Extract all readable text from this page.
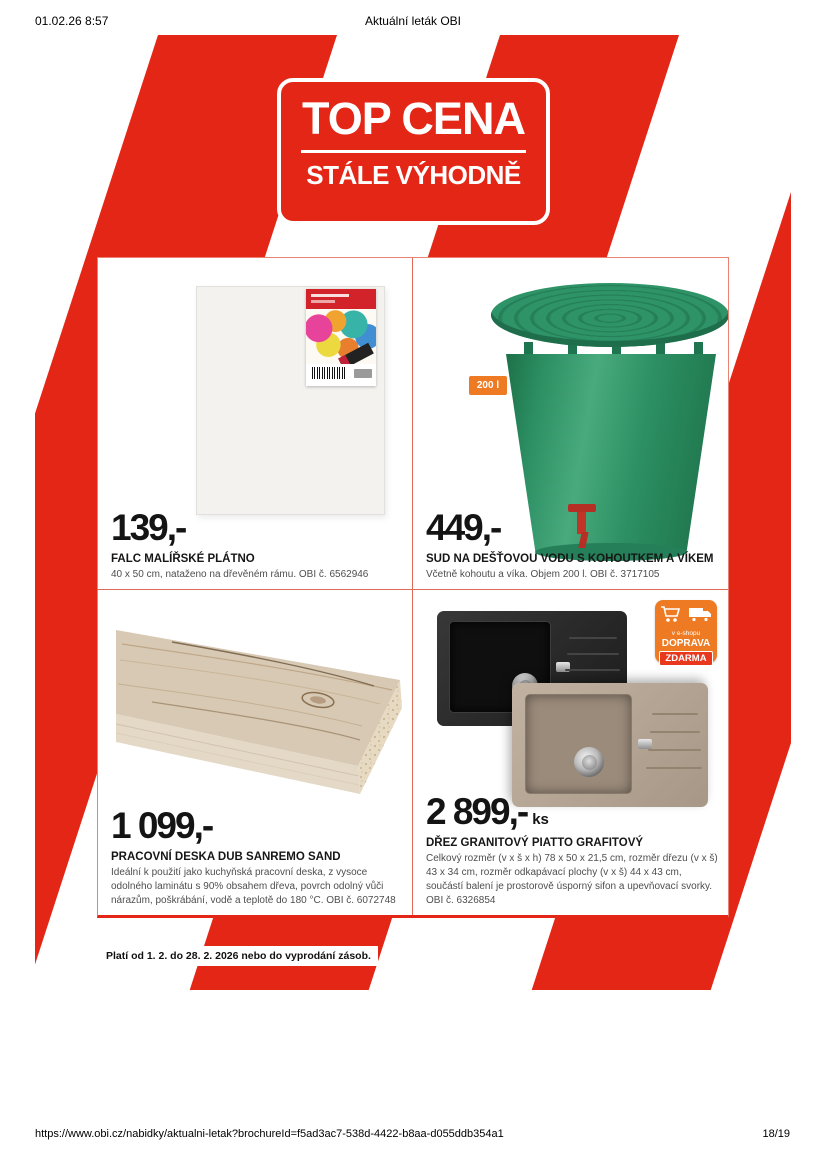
01.02.26 8:57	Aktuální leták OBI
TOP CENA
STÁLE VÝHODNĚ
139,-
FALC MALÍŘSKÉ PLÁTNO
40 x 50 cm, nataženo na dřevěném rámu. OBI č. 6562946
200 l
449,-
SUD NA DEŠŤOVOU VODU S KOHOUTKEM A VÍKEM
Včetně kohoutu a víka. Objem 200 l. OBI č. 3717105
1 099,-
PRACOVNÍ DESKA DUB SANREMO SAND
Ideální k použití jako kuchyňská pracovní deska, z vysoce odolného laminátu s 90% obsahem dřeva, povrch odolný vůči nárazům, poškrábání, vodě a teplotě do 180 °C. OBI č. 6072748
v e-shopu
DOPRAVA
ZDARMA
2 899,- ks
DŘEZ GRANITOVÝ PIATTO GRAFITOVÝ
Celkový rozměr (v x š x h) 78 x 50 x 21,5 cm, rozměr dřezu (v x š) 43 x 34 cm, rozměr odkapávací plochy (v x š) 44 x 43 cm, součástí balení je prostorově úsporný sifon a upevňovací svorky. OBI č. 6326854
Platí od 1. 2. do 28. 2. 2026 nebo do vyprodání zásob.
https://www.obi.cz/nabidky/aktualni-letak?brochureId=f5ad3ac7-538d-4422-b8aa-d055ddb354a1	18/19
